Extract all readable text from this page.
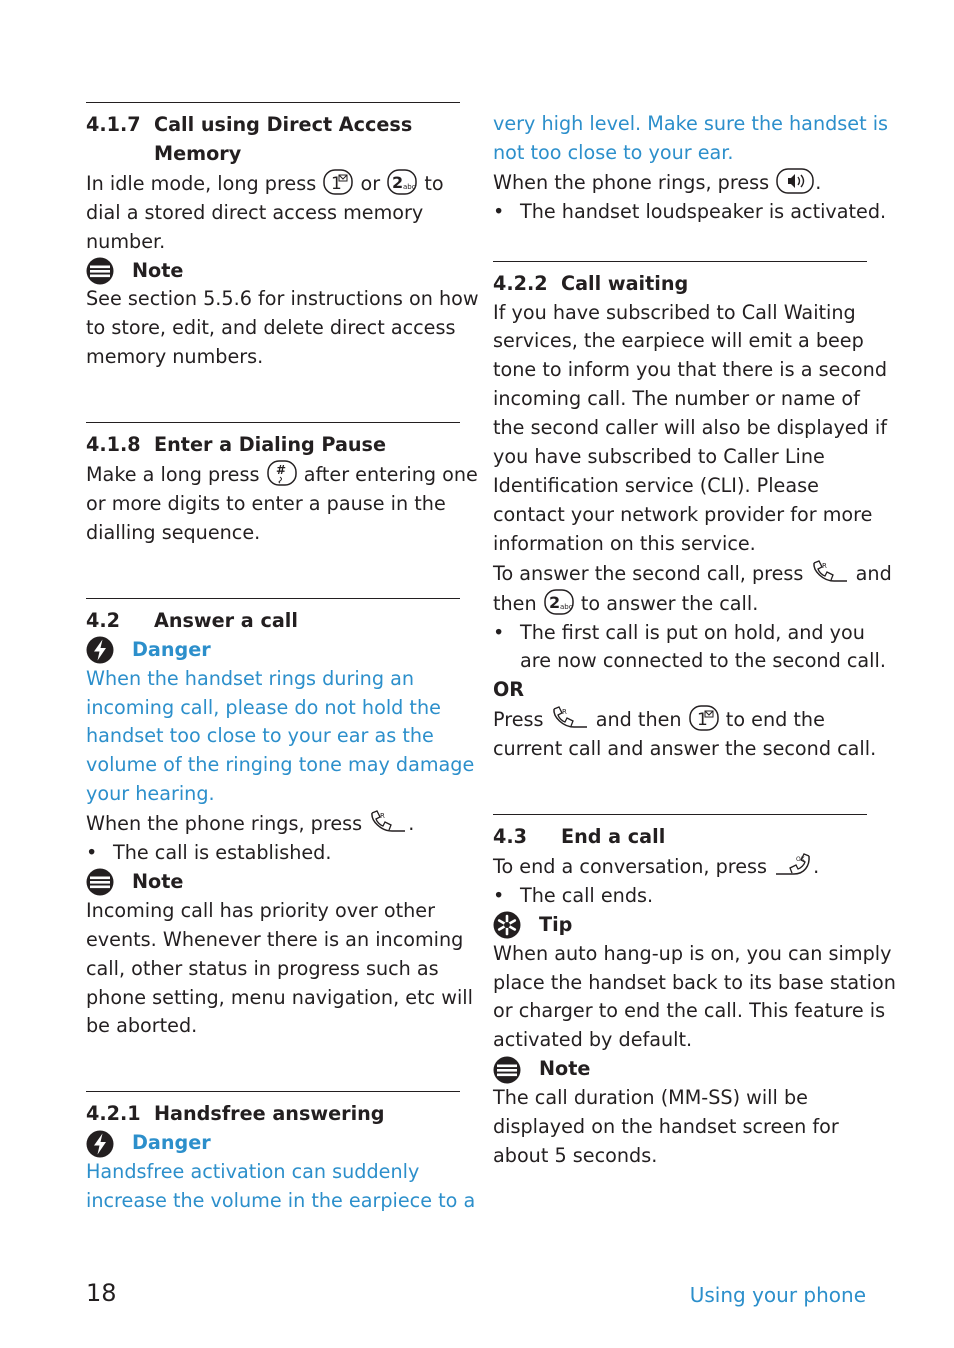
4.1.7 Call using Direct Access
Memory
In idle mode, long press 1 or 2 abc to
dial a stored direct access memory
number.
Note
See section 5.5.6 for instructions on how
to store, edit, and delete direct access
memory numbers.
4.1.8 Enter a Dialing Pause
Make a long press # after entering one
or more digits to enter a pause in the
dialling sequence.
4.2	Answer a call
Danger
When the handset rings during an
incoming call, please do not hold the
handset too close to your ear as the
volume of the ringing tone may damage
your hearing.
When the phone rings, press	R .
• The call is established.
Note
Incoming call has priority over other
events. Whenever there is an incoming
call, other status in progress such as
phone setting, menu navigation, etc will
be aborted.
4.2.1 Handsfree answering
Danger
Handsfree activation can suddenly
increase the volume in the earpiece to a
very high level. Make sure the handset is
not too close to your ear.
When the phone rings, press .
• The handset loudspeaker is activated.
4.2.2 Call waiting
If you have subscribed to Call Waiting
services, the earpiece will emit a beep
tone to inform you that there is a second
incoming call. The number or name of
the second caller will also be displayed if
you have subscribed to Caller Line
Identification service (CLI). Please
contact your network provider for more
information on this service.
To answer the second call, press	R and
then 2 abc to answer the call.
• The first call is put on hold, and you
are now connected to the second call.
OR
Press	R and then 1 to end the
current call and answer the second call.
4.3	End a call
To end a conversation, press	OK .
• The call ends.
Tip
When auto hang-up is on, you can simply
place the handset back to its base station
or charger to end the call. This feature is
activated by default.
Note
The call duration (MM-SS) will be
displayed on the handset screen for
about 5 seconds.
18	Using your phone
